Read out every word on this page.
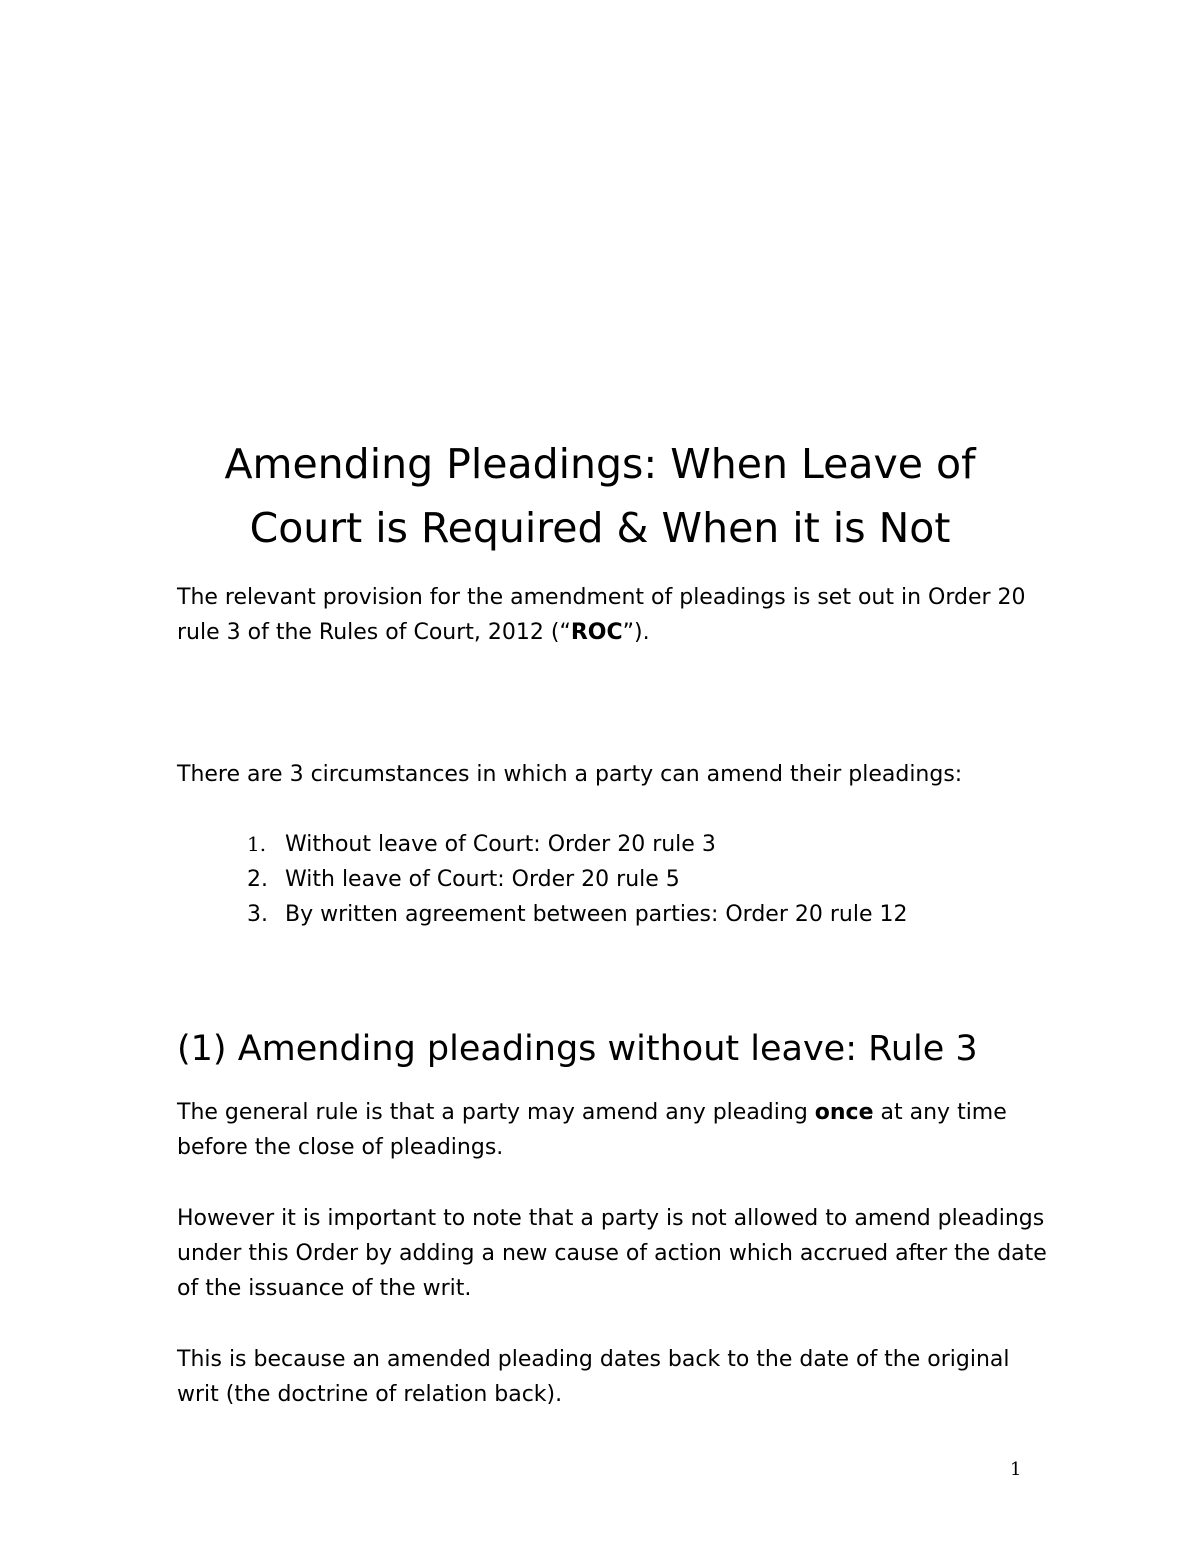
Amending Pleadings: When Leave of
Court is Required & When it is Not

The relevant provision for the amendment of pleadings is set out in Order 20 rule 3 of the Rules of Court, 2012 (“ROC”).

There are 3 circumstances in which a party can amend their pleadings:

1. Without leave of Court: Order 20 rule 3
2. With leave of Court: Order 20 rule 5
3. By written agreement between parties: Order 20 rule 12
(1) Amending pleadings without leave: Rule 3

The general rule is that a party may amend any pleading once at any time before the close of pleadings.

However it is important to note that a party is not allowed to amend pleadings under this Order by adding a new cause of action which accrued after the date of the issuance of the writ.

This is because an amended pleading dates back to the date of the original writ (the doctrine of relation back).

1
